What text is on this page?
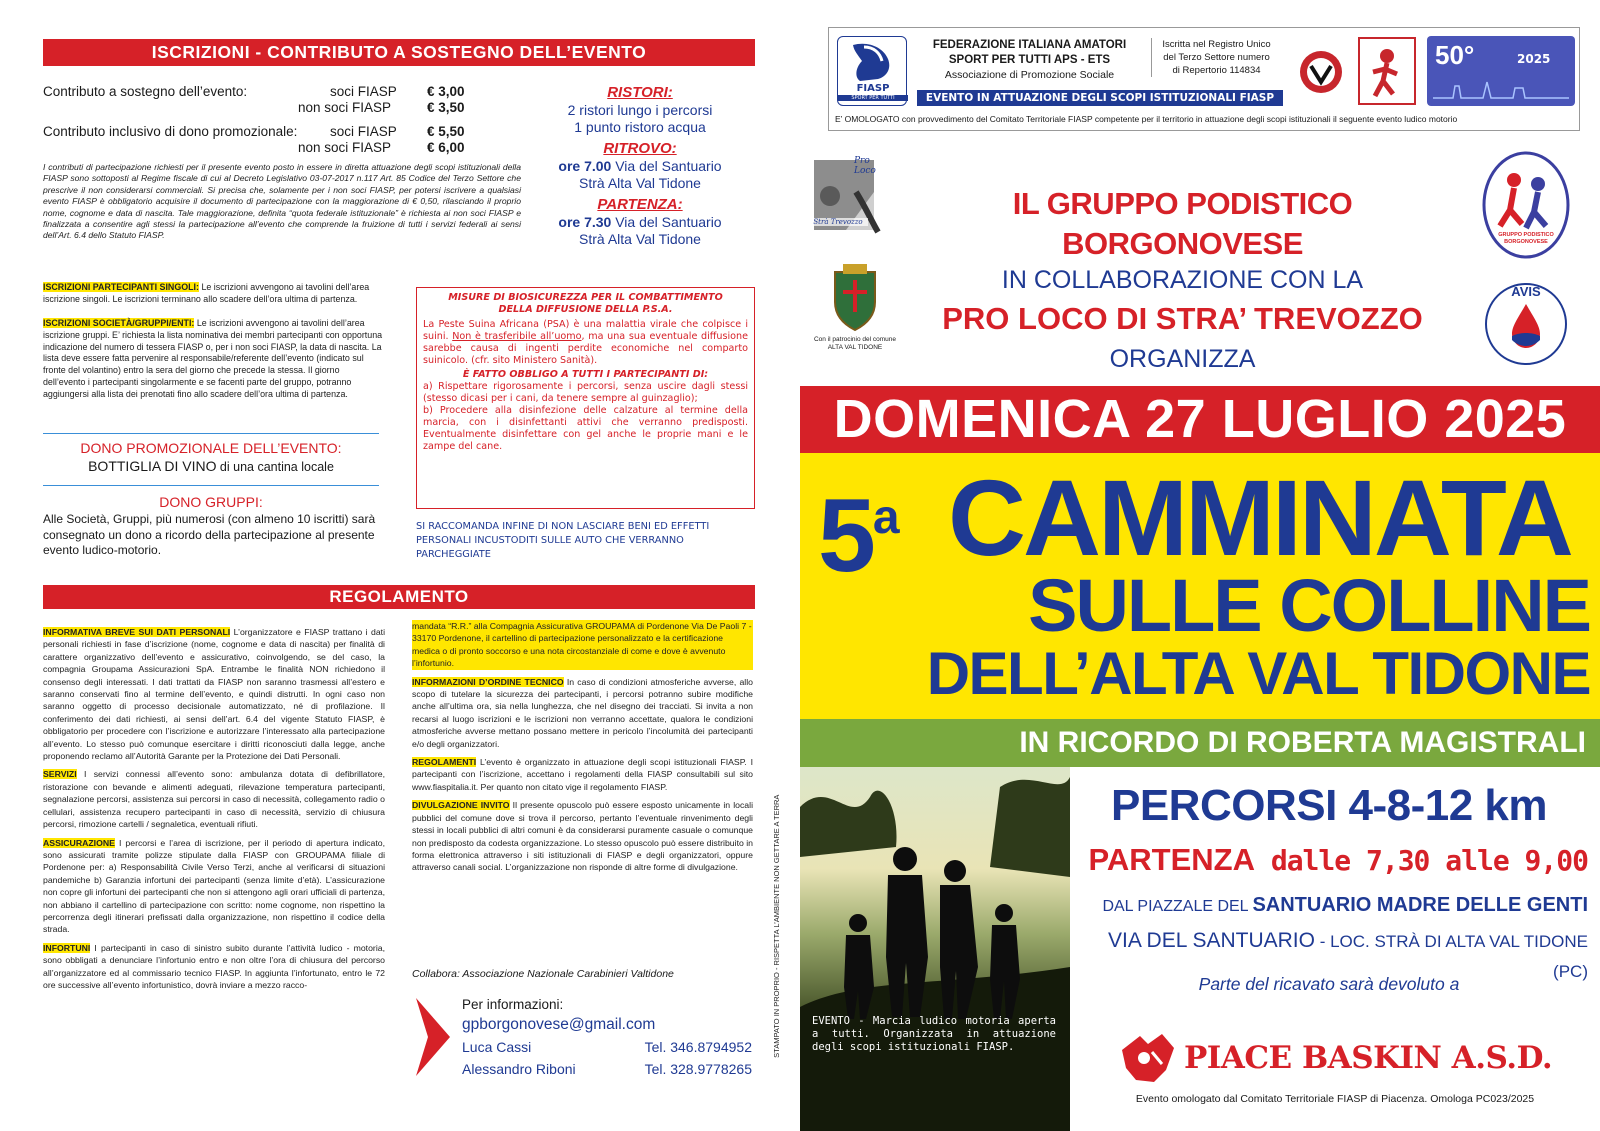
ISCRIZIONI - CONTRIBUTO A SOSTEGNO DELL’EVENTO
Contributo a sostegno dell’evento:	soci FIASP € 3,00
non soci FIASP	€ 3,50
Contributo inclusivo di dono promozionale: soci FIASP € 5,50
non soci FIASP	€ 6,00
I contributi di partecipazione richiesti per il presente evento posto in essere in diretta attuazione degli scopi istituzionali della FIASP sono sottoposti al Regime fiscale di cui al Decreto Legislativo 03-07-2017 n.117 Art. 85 Codice del Terzo Settore che prescrive il non considerarsi commerciali. Si precisa che, solamente per i non soci FIASP, per potersi iscrivere a qualsiasi evento FIASP è obbligatorio acquisire il documento di partecipazione con la maggiorazione di € 0,50, rilasciando il proprio nome, cognome e data di nascita. Tale maggiorazione, definita “quota federale istituzionale” è richiesta ai non soci FIASP e finalizzata a consentire agli stessi la partecipazione all’evento che comprende la fruizione di tutti i servizi federali ai sensi dell’Art. 6.4 dello Statuto FIASP.
ISCRIZIONI PARTECIPANTI SINGOLI: Le iscrizioni avvengono ai tavolini dell’area iscrizione singoli. Le iscrizioni terminano allo scadere dell’ora ultima di partenza.
ISCRIZIONI SOCIETÀ/GRUPPI/ENTI: Le iscrizioni avvengono ai tavolini dell’area iscrizione gruppi. E’ richiesta la lista nominativa dei membri partecipanti con opportuna indicazione del numero di tessera FIASP o, per i non soci FIASP, la data di nascita. La lista deve essere fatta pervenire al responsabile/referente dell’evento (indicato sul fronte del volantino) entro la sera del giorno che precede la stessa. Il giorno dell’evento i partecipanti singolarmente e se facenti parte del gruppo, potranno aggiungersi alla lista dei prenotati fino allo scadere dell’ora ultima di partenza.
DONO PROMOZIONALE DELL’EVENTO:
BOTTIGLIA DI VINO di una cantina locale
DONO GRUPPI:
Alle Società, Gruppi, più numerosi (con almeno 10 iscritti) sarà consegnato un dono a ricordo della partecipazione al presente evento ludico-motorio.
RISTORI:
2 ristori lungo i percorsi
1 punto ristoro acqua
RITROVO:
ore 7.00 Via del Santuario
Strà Alta Val Tidone
PARTENZA:
ore 7.30 Via del Santuario
Strà Alta Val Tidone
MISURE DI BIOSICUREZZA PER IL COMBATTIMENTO
DELLA DIFFUSIONE DELLA P.S.A.
La Peste Suina Africana (PSA) è una malattia virale che colpisce i suini. Non è trasferibile all’uomo, ma una sua eventuale diffusione sarebbe causa di ingenti perdite economiche nel comparto suinicolo. (cfr. sito Ministero Sanità).
È FATTO OBBLIGO A TUTTI I PARTECIPANTI DI:
a) Rispettare rigorosamente i percorsi, senza uscire dagli stessi (stesso dicasi per i cani, da tenere sempre al guinzaglio);
b) Procedere alla disinfezione delle calzature al termine della marcia, con i disinfettanti attivi che verranno predisposti. Eventualmente disinfettare con gel anche le proprie mani e le zampe del cane.
SI RACCOMANDA INFINE DI NON LASCIARE BENI ED EFFETTI PERSONALI INCUSTODITI SULLE AUTO CHE VERRANNO PARCHEGGIATE
REGOLAMENTO
INFORMATIVA BREVE SUI DATI PERSONALI L’organizzatore e FIASP trattano i dati personali richiesti in fase d’iscrizione (nome, cognome e data di nascita) per finalità di carattere organizzativo dell’evento e assicurativo, coinvolgendo, se del caso, la compagnia Groupama Assicurazioni SpA. Entrambe le finalità NON richiedono il consenso degli interessati. I dati trattati da FIASP non saranno trasmessi all’estero e saranno conservati fino al termine dell’evento, e quindi distrutti. In ogni caso non saranno oggetto di processo decisionale automatizzato, né di profilazione. Il conferimento dei dati richiesti, ai sensi dell’art. 6.4 del vigente Statuto FIASP, è obbligatorio per procedere con l’iscrizione e autorizzare l’interessato alla partecipazione all’evento. Lo stesso può comunque esercitare i diritti riconosciuti dalla legge, anche proponendo reclamo all’Autorità Garante per la Protezione dei Dati Personali.
SERVIZI I servizi connessi all’evento sono: ambulanza dotata di defibrillatore, ristorazione con bevande e alimenti adeguati, rilevazione temperatura partecipanti, segnalazione percorsi, assistenza sui percorsi in caso di necessità, collegamento radio o cellulari, assistenza recupero partecipanti in caso di necessità, servizio di chiusura percorsi, rimozione cartelli / segnaletica, eventuali rifiuti.
ASSICURAZIONE I percorsi e l’area di iscrizione, per il periodo di apertura indicato, sono assicurati tramite polizze stipulate dalla FIASP con GROUPAMA filiale di Pordenone per: a) Responsabilità Civile Verso Terzi, anche al verificarsi di situazioni pandemiche b) Garanzia infortuni dei partecipanti (senza limite d’età). L’assicurazione non copre gli infortuni dei partecipanti che non si attengono agli orari ufficiali di partenza, non abbiano il cartellino di partecipazione con scritto: nome cognome, non rispettino la percorrenza degli itinerari prefissati dalla organizzazione, non rispettino il codice della strada.
INFORTUNI I partecipanti in caso di sinistro subito durante l’attività ludico - motoria, sono obbligati a denunciare l’infortunio entro e non oltre l’ora di chiusura del percorso all’organizzatore ed al commissario tecnico FIASP. In aggiunta l’infortunato, entro le 72 ore successive all’evento infortunistico, dovrà inviare a mezzo racco-
mandata “R.R.” alla Compagnia Assicurativa GROUPAMA di Pordenone Via De Paoli 7 - 33170 Pordenone, il cartellino di partecipazione personalizzato e la certificazione medica o di pronto soccorso e una nota circostanziale di come e dove è avvenuto l’infortunio.
INFORMAZIONI D’ORDINE TECNICO In caso di condizioni atmosferiche avverse, allo scopo di tutelare la sicurezza dei partecipanti, i percorsi potranno subire modifiche anche all’ultima ora, sia nella lunghezza, che nel disegno dei tracciati. Si invita a non recarsi al luogo iscrizioni e le iscrizioni non verranno accettate, qualora le condizioni atmosferiche avverse mettano possano mettere in pericolo l’incolumità dei partecipanti e/o degli organizzatori.
REGOLAMENTI L’evento è organizzato in attuazione degli scopi istituzionali FIASP. I partecipanti con l’iscrizione, accettano i regolamenti della FIASP consultabili sul sito www.fiaspitalia.it. Per quanto non citato vige il regolamento FIASP.
DIVULGAZIONE INVITO Il presente opuscolo può essere esposto unicamente in locali pubblici del comune dove si trova il percorso, pertanto l’eventuale rinvenimento degli stessi in locali pubblici di altri comuni è da considerarsi puramente casuale o comunque non predisposto da codesta organizzazione. Lo stesso opuscolo può essere distribuito in forma elettronica attraverso i siti istituzionali di FIASP e degli organizzatori, oppure attraverso canali social. L’organizzazione non risponde di altre forme di divulgazione.
Collabora: Associazione Nazionale Carabinieri Valtidone	STAMPATO IN PROPRIO - RISPETTA L’AMBIENTE NON GETTARE A TERRA
Per informazioni:
gpborgonovese@gmail.com
Luca Cassi	Tel. 346.8794952
Alessandro Riboni	Tel. 328.9778265
FIASP
SPORT PER TUTTI
FEDERAZIONE ITALIANA AMATORI
SPORT PER TUTTI APS - ETS
Associazione di Promozione Sociale
Iscritta nel Registro Unico
del Terzo Settore numero
di Repertorio 114834
EVENTO IN ATTUAZIONE DEGLI SCOPI ISTITUZIONALI FIASP
50°	2025
E’ OMOLOGATO con provvedimento del Comitato Territoriale FIASP competente per il territorio in attuazione degli scopi istituzionali il seguente evento ludico motorio
Pro Loco
Strà Trevozzo
Con il patrocinio del comune ALTA VAL TIDONE
IL GRUPPO PODISTICO BORGONOVESE
IN COLLABORAZIONE CON LA
PRO LOCO DI STRA’ TREVOZZO
ORGANIZZA
GRUPPO PODISTICO BORGONOVESE
AVIS
DOMENICA 27 LUGLIO 2025
5$^a$ CAMMINATA
SULLE COLLINE
DELL’ALTA VAL TIDONE
IN RICORDO DI ROBERTA MAGISTRALI
EVENTO - Marcia ludico motoria aperta a tutti. Organizzata in attuazione degli scopi istituzionali FIASP.
PERCORSI 4-8-12 km
PARTENZA dalle 7,30 alle 9,00
DAL PIAZZALE DEL SANTUARIO MADRE DELLE GENTI
VIA DEL SANTUARIO - LOC. STRÀ DI ALTA VAL TIDONE (PC)
Parte del ricavato sarà devoluto a
PIACE BASKIN A.S.D.
Evento omologato dal Comitato Territoriale FIASP di Piacenza. Omologa PC023/2025
